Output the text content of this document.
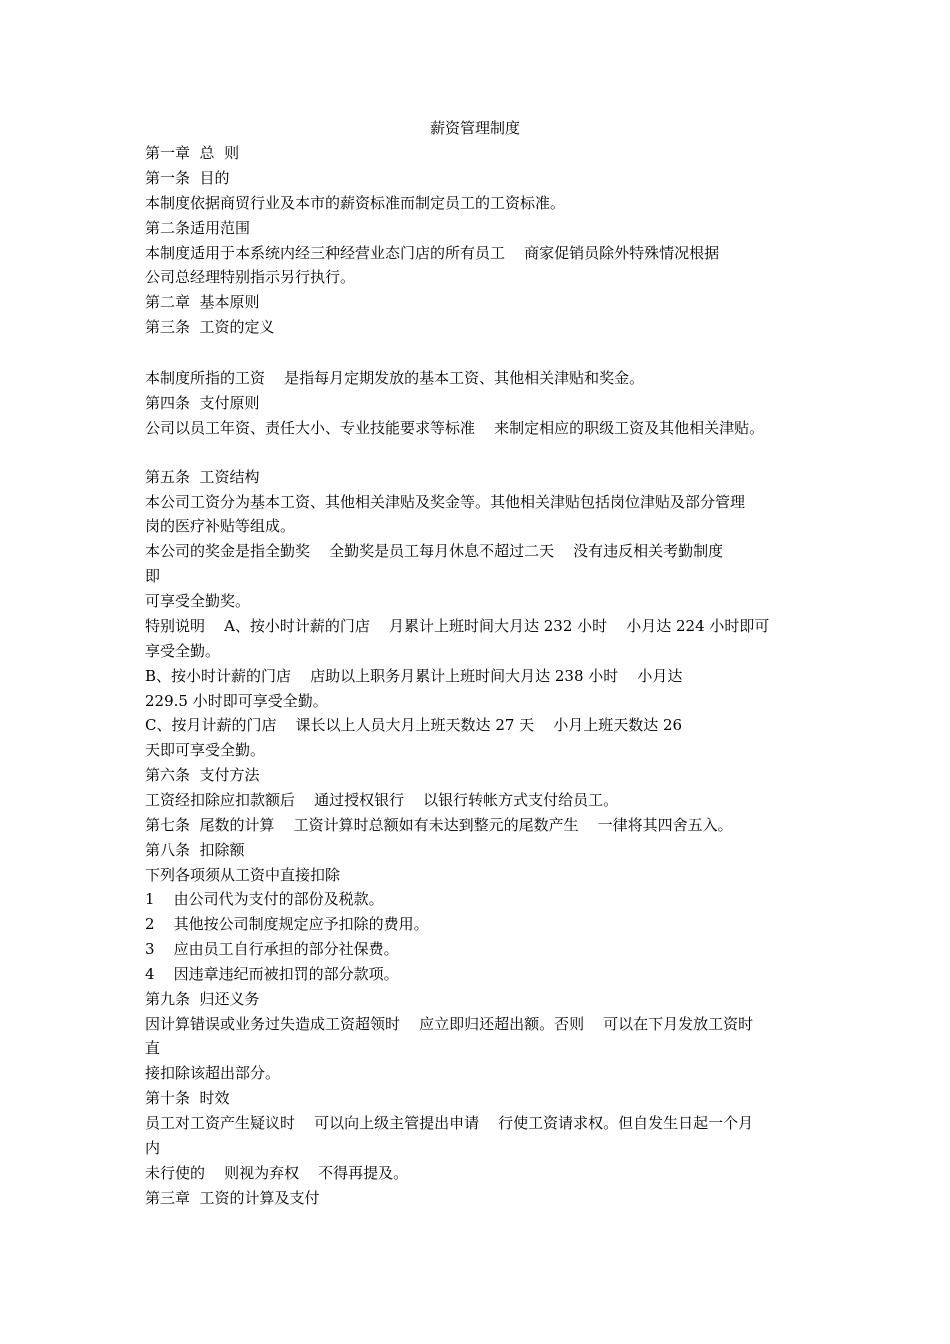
薪资管理制度
第一章  总  则
第一条  目的
本制度依据商贸行业及本市的薪资标准而制定员工的工资标准。
第二条适用范围
本制度适用于本系统内经三种经营业态门店的所有员工    商家促销员除外特殊情况根据
公司总经理特别指示另行执行。
第二章  基本原则
第三条  工资的定义
本制度所指的工资    是指每月定期发放的基本工资、其他相关津贴和奖金。
第四条  支付原则
公司以员工年资、责任大小、专业技能要求等标准    来制定相应的职级工资及其他相关津贴。
第五条  工资结构
本公司工资分为基本工资、其他相关津贴及奖金等。其他相关津贴包括岗位津贴及部分管理
岗的医疗补贴等组成。
本公司的奖金是指全勤奖    全勤奖是员工每月休息不超过二天    没有违反相关考勤制度
即
可享受全勤奖。
特别说明    A、按小时计薪的门店    月累计上班时间大月达 232 小时    小月达 224 小时即可
享受全勤。
B、按小时计薪的门店    店助以上职务月累计上班时间大月达 238 小时    小月达
229.5 小时即可享受全勤。
C、按月计薪的门店    课长以上人员大月上班天数达 27 天    小月上班天数达 26
天即可享受全勤。
第六条  支付方法
工资经扣除应扣款额后    通过授权银行    以银行转帐方式支付给员工。
第七条  尾数的计算    工资计算时总额如有未达到整元的尾数产生    一律将其四舍五入。
第八条  扣除额
下列各项须从工资中直接扣除
1    由公司代为支付的部份及税款。
2    其他按公司制度规定应予扣除的费用。
3    应由员工自行承担的部分社保费。
4    因违章违纪而被扣罚的部分款项。
第九条  归还义务
因计算错误或业务过失造成工资超领时    应立即归还超出额。否则    可以在下月发放工资时
直
接扣除该超出部分。
第十条  时效
员工对工资产生疑议时    可以向上级主管提出申请    行使工资请求权。但自发生日起一个月
内
未行使的    则视为弃权    不得再提及。
第三章  工资的计算及支付
